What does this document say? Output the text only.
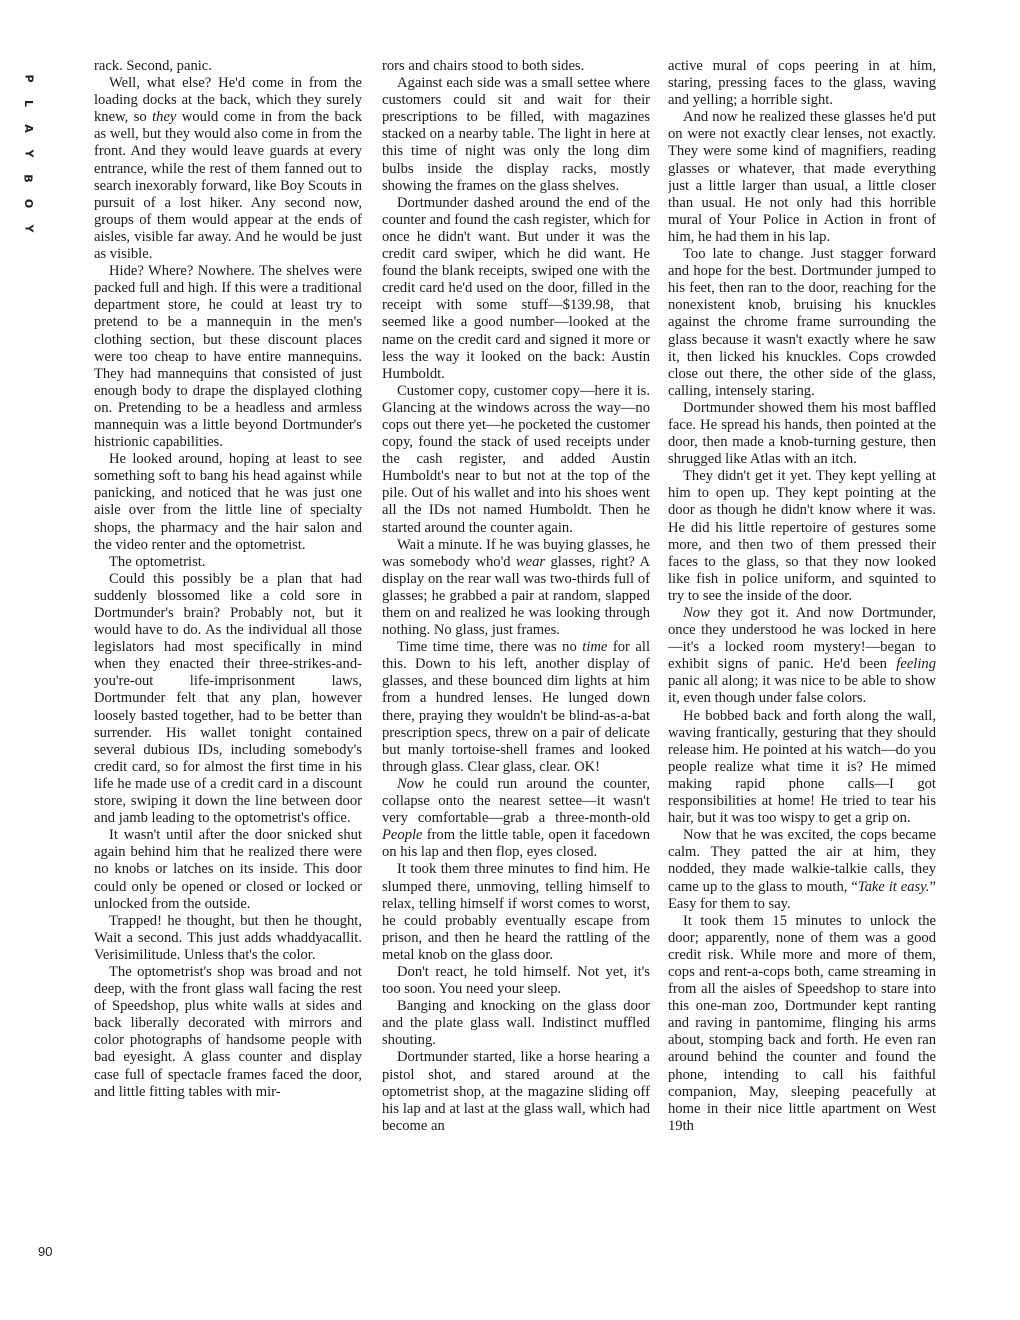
P
L
A
Y
B
O
Y

rack. Second, panic.

Well, what else? He'd come in from the loading docks at the back, which they surely knew, so they would come in from the back as well, but they would also come in from the front. And they would leave guards at every entrance, while the rest of them fanned out to search inexorably forward, like Boy Scouts in pursuit of a lost hiker. Any second now, groups of them would appear at the ends of aisles, visible far away. And he would be just as visible.

Hide? Where? Nowhere. The shelves were packed full and high. If this were a traditional department store, he could at least try to pretend to be a mannequin in the men's clothing section, but these discount places were too cheap to have entire mannequins. They had mannequins that consisted of just enough body to drape the displayed clothing on. Pretending to be a headless and armless mannequin was a little beyond Dortmunder's histrionic capabilities.

He looked around, hoping at least to see something soft to bang his head against while panicking, and noticed that he was just one aisle over from the little line of specialty shops, the pharmacy and the hair salon and the video renter and the optometrist.

The optometrist.

Could this possibly be a plan that had suddenly blossomed like a cold sore in Dortmunder's brain? Probably not, but it would have to do. As the individual all those legislators had most specifically in mind when they enacted their three-strikes-and-you're-out life-imprisonment laws, Dortmunder felt that any plan, however loosely basted together, had to be better than surrender. His wallet tonight contained several dubious IDs, including somebody's credit card, so for almost the first time in his life he made use of a credit card in a discount store, swiping it down the line between door and jamb leading to the optometrist's office.

It wasn't until after the door snicked shut again behind him that he realized there were no knobs or latches on its inside. This door could only be opened or closed or locked or unlocked from the outside.

Trapped! he thought, but then he thought, Wait a second. This just adds whaddyacallit. Verisimilitude. Unless that's the color.

The optometrist's shop was broad and not deep, with the front glass wall facing the rest of Speedshop, plus white walls at sides and back liberally decorated with mirrors and color photographs of handsome people with bad eyesight. A glass counter and display case full of spectacle frames faced the door, and little fitting tables with mir-

rors and chairs stood to both sides.

Against each side was a small settee where customers could sit and wait for their prescriptions to be filled, with magazines stacked on a nearby table. The light in here at this time of night was only the long dim bulbs inside the display racks, mostly showing the frames on the glass shelves.

Dortmunder dashed around the end of the counter and found the cash register, which for once he didn't want. But under it was the credit card swiper, which he did want. He found the blank receipts, swiped one with the credit card he'd used on the door, filled in the receipt with some stuff—$139.98, that seemed like a good number—looked at the name on the credit card and signed it more or less the way it looked on the back: Austin Humboldt.

Customer copy, customer copy—here it is. Glancing at the windows across the way—no cops out there yet—he pocketed the customer copy, found the stack of used receipts under the cash register, and added Austin Humboldt's near to but not at the top of the pile. Out of his wallet and into his shoes went all the IDs not named Humboldt. Then he started around the counter again.

Wait a minute. If he was buying glasses, he was somebody who'd wear glasses, right? A display on the rear wall was two-thirds full of glasses; he grabbed a pair at random, slapped them on and realized he was looking through nothing. No glass, just frames.

Time time time, there was no time for all this. Down to his left, another display of glasses, and these bounced dim lights at him from a hundred lenses. He lunged down there, praying they wouldn't be blind-as-a-bat prescription specs, threw on a pair of delicate but manly tortoise-shell frames and looked through glass. Clear glass, clear. OK!

Now he could run around the counter, collapse onto the nearest settee—it wasn't very comfortable—grab a three-month-old People from the little table, open it facedown on his lap and then flop, eyes closed.

It took them three minutes to find him. He slumped there, unmoving, telling himself to relax, telling himself if worst comes to worst, he could probably eventually escape from prison, and then he heard the rattling of the metal knob on the glass door.

Don't react, he told himself. Not yet, it's too soon. You need your sleep.

Banging and knocking on the glass door and the plate glass wall. Indistinct muffled shouting.

Dortmunder started, like a horse hearing a pistol shot, and stared around at the optometrist shop, at the magazine sliding off his lap and at last at the glass wall, which had become an

active mural of cops peering in at him, staring, pressing faces to the glass, waving and yelling; a horrible sight.

And now he realized these glasses he'd put on were not exactly clear lenses, not exactly. They were some kind of magnifiers, reading glasses or whatever, that made everything just a little larger than usual, a little closer than usual. He not only had this horrible mural of Your Police in Action in front of him, he had them in his lap.

Too late to change. Just stagger forward and hope for the best. Dortmunder jumped to his feet, then ran to the door, reaching for the nonexistent knob, bruising his knuckles against the chrome frame surrounding the glass because it wasn't exactly where he saw it, then licked his knuckles. Cops crowded close out there, the other side of the glass, calling, intensely staring.

Dortmunder showed them his most baffled face. He spread his hands, then pointed at the door, then made a knob-turning gesture, then shrugged like Atlas with an itch.

They didn't get it yet. They kept yelling at him to open up. They kept pointing at the door as though he didn't know where it was. He did his little repertoire of gestures some more, and then two of them pressed their faces to the glass, so that they now looked like fish in police uniform, and squinted to try to see the inside of the door.

Now they got it. And now Dortmunder, once they understood he was locked in here—it's a locked room mystery!—began to exhibit signs of panic. He'd been feeling panic all along; it was nice to be able to show it, even though under false colors.

He bobbed back and forth along the wall, waving frantically, gesturing that they should release him. He pointed at his watch—do you people realize what time it is? He mimed making rapid phone calls—I got responsibilities at home! He tried to tear his hair, but it was too wispy to get a grip on.

Now that he was excited, the cops became calm. They patted the air at him, they nodded, they made walkie-talkie calls, they came up to the glass to mouth, “Take it easy.” Easy for them to say.

It took them 15 minutes to unlock the door; apparently, none of them was a good credit risk. While more and more of them, cops and rent-a-cops both, came streaming in from all the aisles of Speedshop to stare into this one-man zoo, Dortmunder kept ranting and raving in pantomime, flinging his arms about, stomping back and forth. He even ran around behind the counter and found the phone, intending to call his faithful companion, May, sleeping peacefully at home in their nice little apartment on West 19th

90
